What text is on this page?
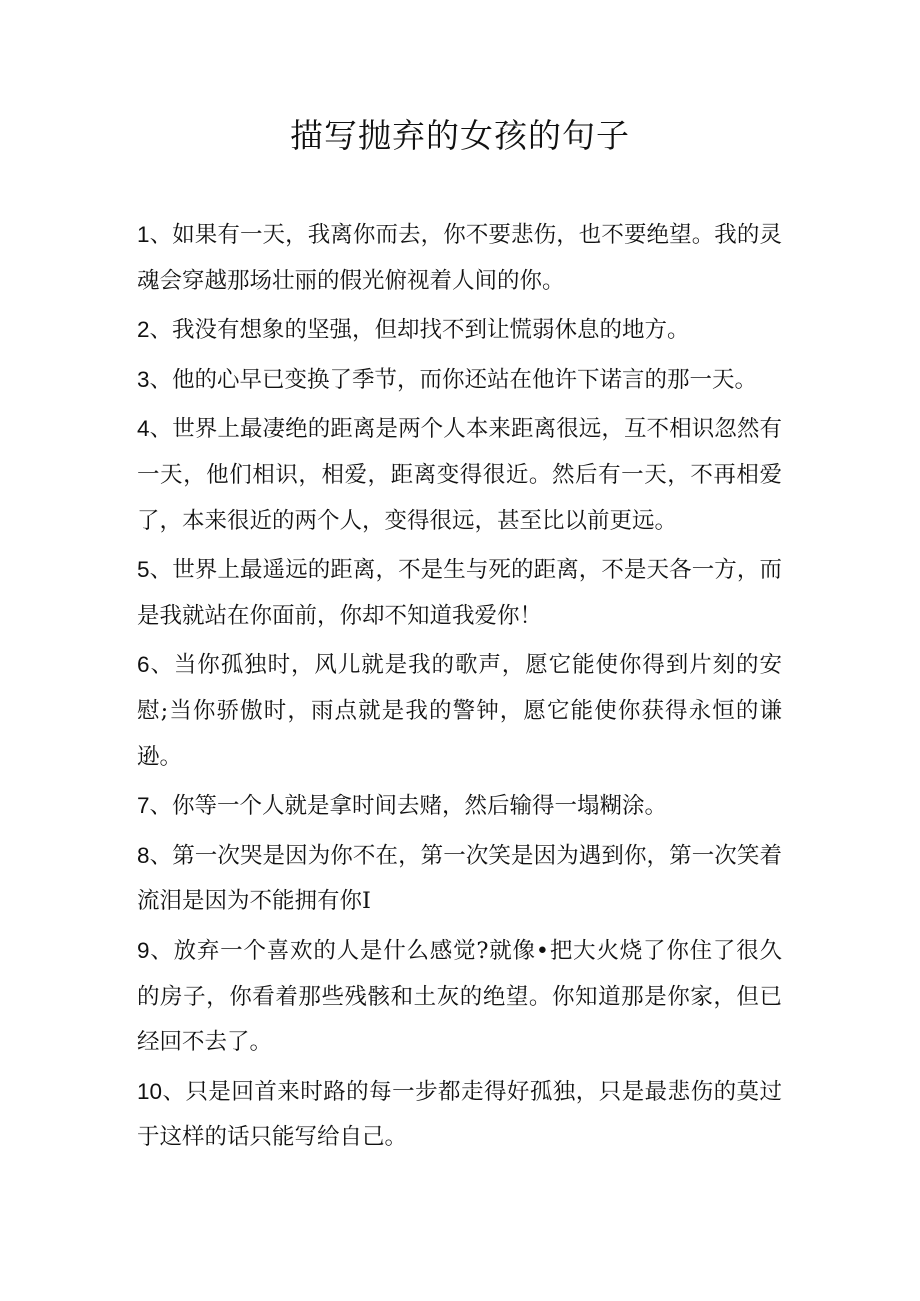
描写抛弃的女孩的句子

1、如果有一天，我离你而去，你不要悲伤，也不要绝望。我的灵魂会穿越那场壮丽的假光俯视着人间的你。

2、我没有想象的坚强，但却找不到让慌弱休息的地方。

3、他的心早已变换了季节，而你还站在他许下诺言的那一天。

4、世界上最凄绝的距离是两个人本来距离很远，互不相识忽然有一天，他们相识，相爱，距离变得很近。然后有一天，不再相爱了，本来很近的两个人，变得很远，甚至比以前更远。

5、世界上最遥远的距离，不是生与死的距离，不是天各一方，而是我就站在你面前，你却不知道我爱你！

6、当你孤独时，风儿就是我的歌声，愿它能使你得到片刻的安慰;当你骄傲时，雨点就是我的警钟，愿它能使你获得永恒的谦逊。

7、你等一个人就是拿时间去赌，然后输得一塌糊涂。

8、第一次哭是因为你不在，第一次笑是因为遇到你，第一次笑着流泪是因为不能拥有你I

9、放弃一个喜欢的人是什么感觉?就像•把大火烧了你住了很久的房子，你看着那些残骸和土灰的绝望。你知道那是你家，但已经回不去了。

10、只是回首来时路的每一步都走得好孤独，只是最悲伤的莫过于这样的话只能写给自己。
